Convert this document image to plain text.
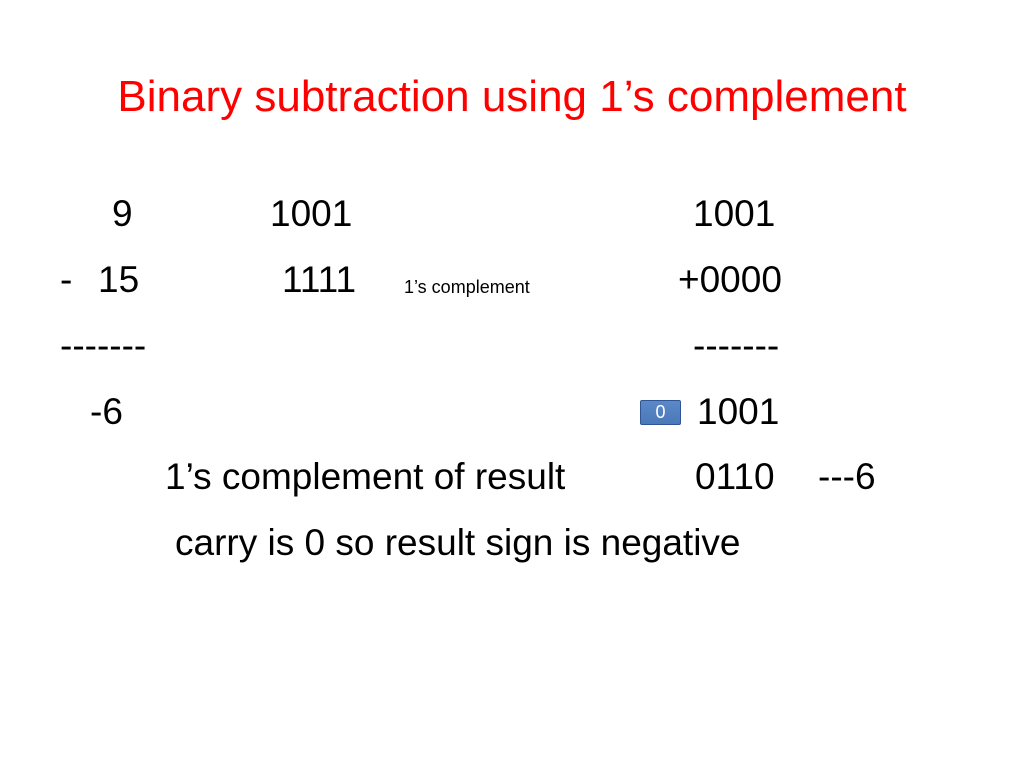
Binary subtraction using 1’s complement
9
- 15
-------
-6
1001
1111	1’s complement
1001
+0000
-------
0 1001
1’s complement of result	0110 ---6
carry is 0 so result sign is negative
